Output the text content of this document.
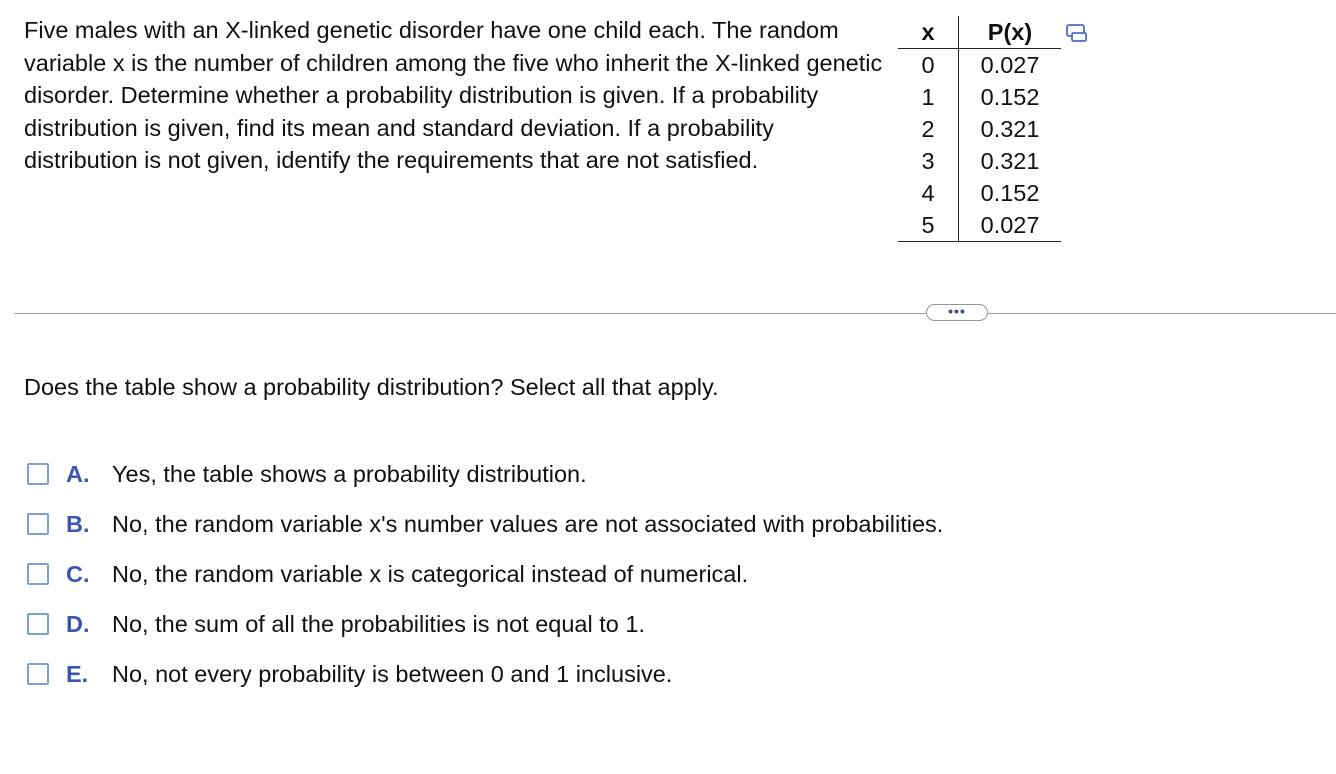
Five males with an X-linked genetic disorder have one child each. The random variable x is the number of children among the five who inherit the X-linked genetic disorder. Determine whether a probability distribution is given. If a probability distribution is given, find its mean and standard deviation. If a probability distribution is not given, identify the requirements that are not satisfied.

x	P(x)
0	0.027
1	0.152
2	0.321
3	0.321
4	0.152
5	0.027
•••

Does the table show a probability distribution? Select all that apply.

A. Yes, the table shows a probability distribution.
B. No, the random variable x's number values are not associated with probabilities.
C. No, the random variable x is categorical instead of numerical.
D. No, the sum of all the probabilities is not equal to 1.
E.	No, not every probability is between 0 and 1 inclusive.
